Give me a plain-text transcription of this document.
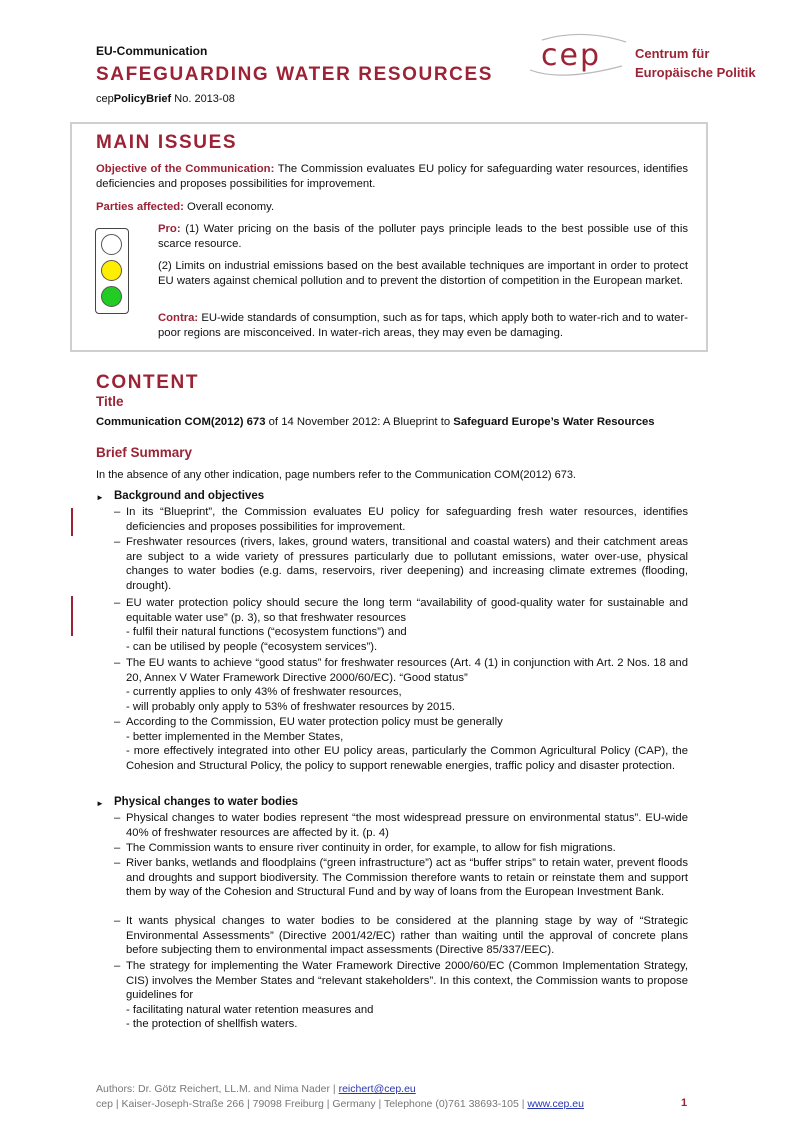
EU-Communication
SAFEGUARDING WATER RESOURCES
cepPolicyBrief No. 2013-08
cep	Centrum für
Europäische Politik
MAIN ISSUES
Objective of the Communication: The Commission evaluates EU policy for safeguarding water resources, identifies deficiencies and proposes possibilities for improvement.
Parties affected: Overall economy.
Pro: (1) Water pricing on the basis of the polluter pays principle leads to the best possible use of this scarce resource.
(2) Limits on industrial emissions based on the best available techniques are important in order to protect EU waters against chemical pollution and to prevent the distortion of competition in the European market.
Contra: EU-wide standards of consumption, such as for taps, which apply both to water-rich and to water-poor regions are misconceived. In water-rich areas, they may even be damaging.
CONTENT
Title
Communication COM(2012) 673 of 14 November 2012: A Blueprint to Safeguard Europe’s Water Resources
Brief Summary
In the absence of any other indication, page numbers refer to the Communication COM(2012) 673.
► Background and objectives
– In its “Blueprint”, the Commission evaluates EU policy for safeguarding fresh water resources, identifies deficiencies and proposes possibilities for improvement.
– Freshwater resources (rivers, lakes, ground waters, transitional and coastal waters) and their catchment areas are subject to a wide variety of pressures particularly due to pollutant emissions, water over-use, physical changes to water bodies (e.g. dams, reservoirs, river deepening) and increasing climate extremes (flooding, drought).
– EU water protection policy should secure the long term “availability of good-quality water for sustainable and equitable water use” (p. 3), so that freshwater resources
- fulfil their natural functions (“ecosystem functions”) and
- can be utilised by people (“ecosystem services”).
– The EU wants to achieve “good status” for freshwater resources (Art. 4 (1) in conjunction with Art. 2 Nos. 18 and 20, Annex V Water Framework Directive 2000/60/EC). “Good status”
- currently applies to only 43% of freshwater resources,
- will probably only apply to 53% of freshwater resources by 2015.
– According to the Commission, EU water protection policy must be generally
- better implemented in the Member States,
- more effectively integrated into other EU policy areas, particularly the Common Agricultural Policy (CAP), the Cohesion and Structural Policy, the policy to support renewable energies, traffic policy and disaster protection.
► Physical changes to water bodies
– Physical changes to water bodies represent “the most widespread pressure on environmental status”. EU-wide 40% of freshwater resources are affected by it. (p. 4)
– The Commission wants to ensure river continuity in order, for example, to allow for fish migrations.
– River banks, wetlands and floodplains (“green infrastructure”) act as “buffer strips” to retain water, prevent floods and droughts and support biodiversity. The Commission therefore wants to retain or reinstate them and support them by way of the Cohesion and Structural Fund and by way of loans from the European Investment Bank.
– It wants physical changes to water bodies to be considered at the planning stage by way of “Strategic Environmental Assessments” (Directive 2001/42/EC) rather than waiting until the approval of concrete plans before subjecting them to environmental impact assessments (Directive 85/337/EEC).
– The strategy for implementing the Water Framework Directive 2000/60/EC (Common Implementation Strategy, CIS) involves the Member States and “relevant stakeholders”. In this context, the Commission wants to propose guidelines for
- facilitating natural water retention measures and
- the protection of shellfish waters.
Authors: Dr. Götz Reichert, LL.M. and Nima Nader | reichert@cep.eu
cep | Kaiser-Joseph-Straße 266 | 79098 Freiburg | Germany | Telephone (0)761 38693-105 | www.cep.eu	1
